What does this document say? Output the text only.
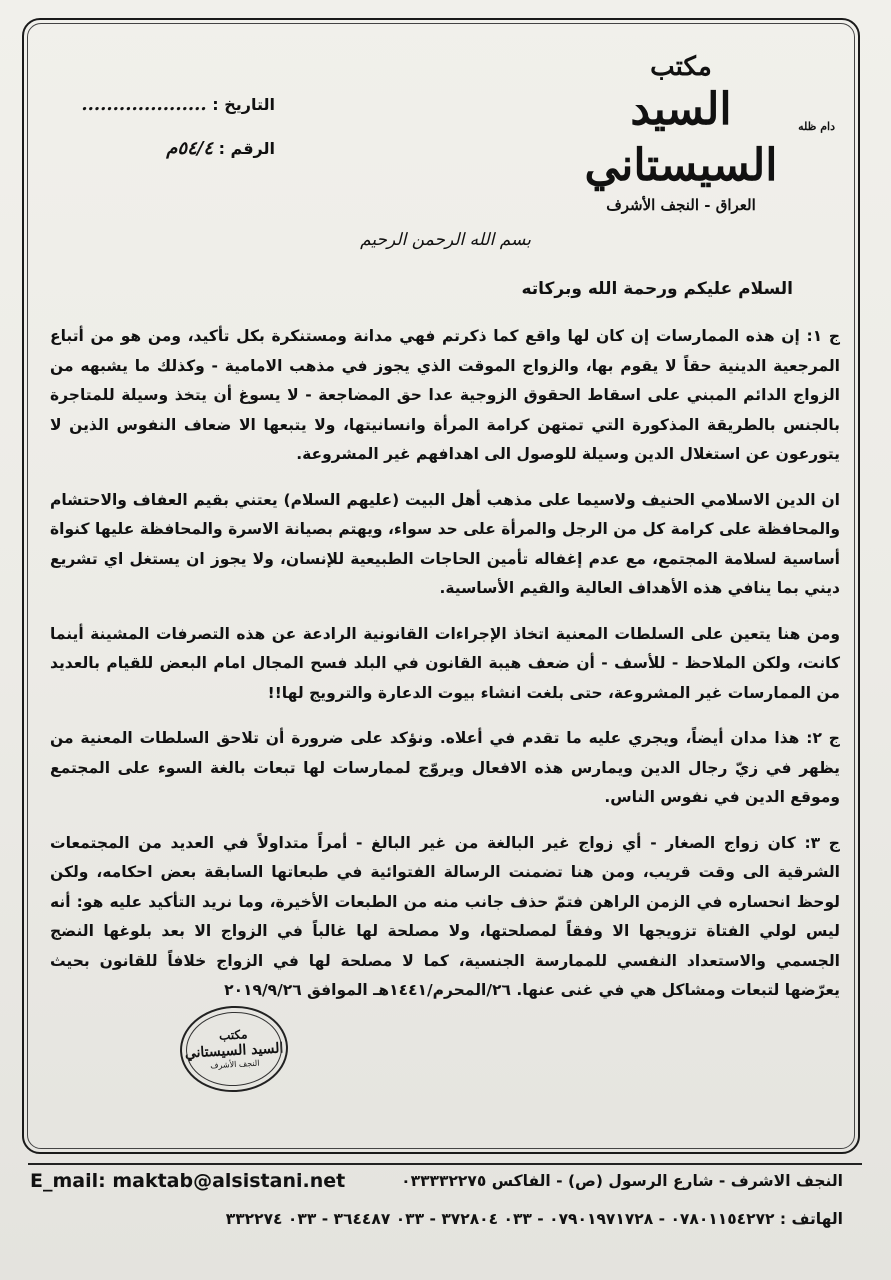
مكتب
السيد السيستاني
العراق - النجف الأشرف
دام ظله
التاريخ : ....................
الرقم : ٥٤/٤م
بسم الله الرحمن الرحيم
السلام عليكم ورحمة الله وبركاته

ج ١: إن هذه الممارسات إن كان لها واقع كما ذكرتم فهي مدانة ومستنكرة بكل تأكيد، ومن هو من أتباع المرجعية الدينية حقاً لا يقوم بها، والزواج الموقت الذي يجوز في مذهب الامامية - وكذلك ما يشبهه من الزواج الدائم المبني على اسقاط الحقوق الزوجية عدا حق المضاجعة - لا يسوغ أن يتخذ وسيلة للمتاجرة بالجنس بالطريقة المذكورة التي تمتهن كرامة المرأة وانسانيتها، ولا يتبعها الا ضعاف النفوس الذين لا يتورعون عن استغلال الدين وسيلة للوصول الى اهدافهم غير المشروعة.

ان الدين الاسلامي الحنيف ولاسيما على مذهب أهل البيت (عليهم السلام) يعتني بقيم العفاف والاحتشام والمحافظة على كرامة كل من الرجل والمرأة على حد سواء، ويهتم بصيانة الاسرة والمحافظة عليها كنواة أساسية لسلامة المجتمع، مع عدم إغفاله تأمين الحاجات الطبيعية للإنسان، ولا يجوز ان يستغل اي تشريع ديني بما ينافي هذه الأهداف العالية والقيم الأساسية.

ومن هنا يتعين على السلطات المعنية اتخاذ الإجراءات القانونية الرادعة عن هذه التصرفات المشينة أينما كانت، ولكن الملاحظ - للأسف - أن ضعف هيبة القانون في البلد فسح المجال امام البعض للقيام بالعديد من الممارسات غير المشروعة، حتى بلغت انشاء بيوت الدعارة والترويج لها!!

ج ٢: هذا مدان أيضاً، ويجري عليه ما تقدم في أعلاه. ونؤكد على ضرورة أن تلاحق السلطات المعنية من يظهر في زيّ رجال الدين ويمارس هذه الافعال ويروّج لممارسات لها تبعات بالغة السوء على المجتمع وموقع الدين في نفوس الناس.

ج ٣: كان زواج الصغار - أي زواج غير البالغة من غير البالغ - أمراً متداولاً في العديد من المجتمعات الشرقية الى وقت قريب، ومن هنا تضمنت الرسالة الفتوائية في طبعاتها السابقة بعض احكامه، ولكن لوحظ انحساره في الزمن الراهن فتمّ حذف جانب منه من الطبعات الأخيرة، وما نريد التأكيد عليه هو: أنه ليس لولي الفتاة تزويجها الا وفقاً لمصلحتها، ولا مصلحة لها غالباً في الزواج الا بعد بلوغها النضج الجسمي والاستعداد النفسي للممارسة الجنسية، كما لا مصلحة لها في الزواج خلافاً للقانون بحيث يعرّضها لتبعات ومشاكل هي في غنى عنها. ٢٦/المحرم/١٤٤١هـ الموافق ٢٠١٩/٩/٢٦

مكتب
السيد السيستاني
النجف الأشرف
E_mail: maktab@alsistani.net	النجف الاشرف - شارع الرسول (ص) - الفاكس ٠٣٣٣٣٢٢٧٥
الهاتف : ٠٧٨٠١١٥٤٢٧٢ - ٠٧٩٠١٩٧١٧٢٨ - ٠٣٣ ٣٧٢٨٠٤ - ٠٣٣ ٣٦٤٤٨٧ - ٠٣٣ ٣٣٢٢٧٤
